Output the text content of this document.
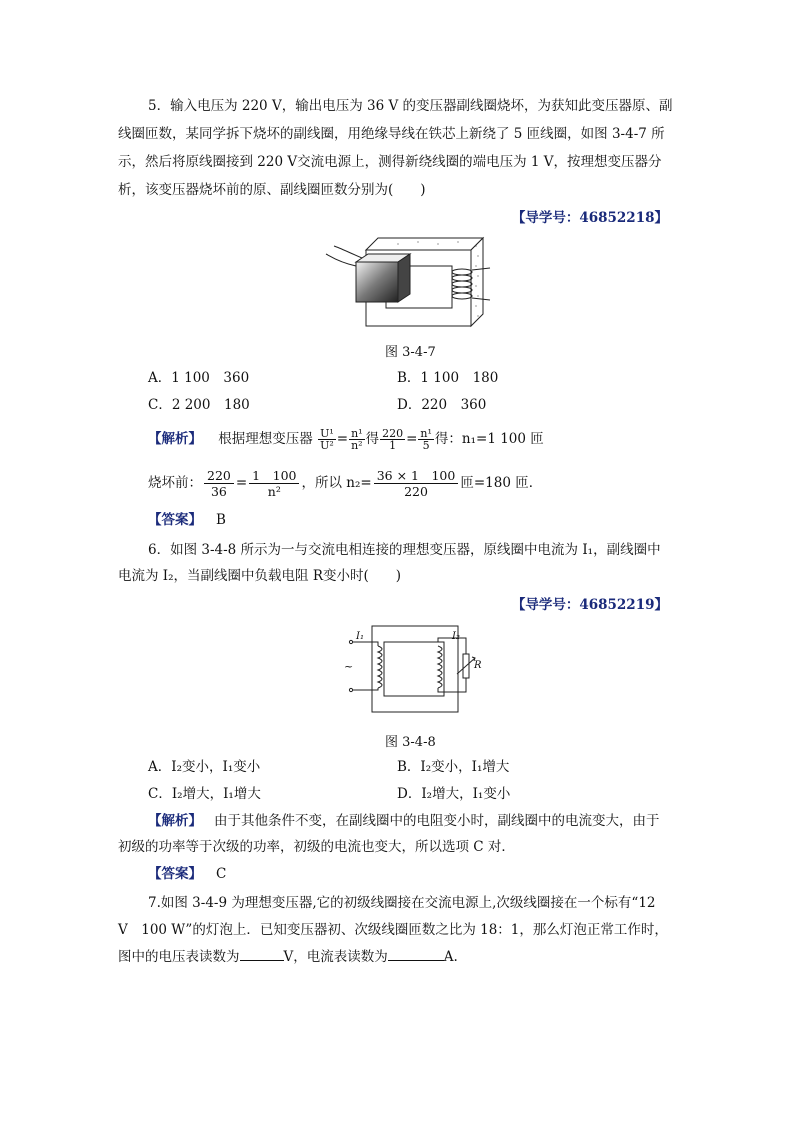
5．输入电压为 220 V，输出电压为 36 V 的变压器副线圈烧坏，为获知此变压器原、副
线圈匝数，某同学拆下烧坏的副线圈，用绝缘导线在铁芯上新绕了 5 匝线圈，如图 3-4-7 所
示，然后将原线圈接到 220 V交流电源上，测得新绕线圈的端电压为 1 V，按理想变压器分
析，该变压器烧坏前的原、副线圈匝数分别为(　　)
【导学号：46852218】
图 3-4-7
A．1 100　360	B．1 100　180
C．2 200　180	D．220　360
【解析】 根据理想变压器 $\frac{\text{U¹}}{\text{U²}} = \frac{\text{n¹}}{\text{n²}}$ 得 $\frac{220}{1} = \frac{\text{n¹}}{5}$ 得：n₁=1 100 匝
烧坏前： $\frac{220}{36} = \frac{1 100}{\text{n²}}$ ，所以 $n_2= \frac{36 \times 1 100}{220}$ 匝=180 匝．
【答案】 B
6．如图 3-4-8 所示为一与交流电相连接的理想变压器，原线圈中电流为 I₁，副线圈中
电流为 I₂，当副线圈中负载电阻 R变小时(　　)
【导学号：46852219】
I₁	I₂
R
~
图 3-4-8
A．I₂变小，I₁变小	B．I₂变小，I₁增大
C．I₂增大，I₁增大	D．I₂增大，I₁变小
【解析】 由于其他条件不变，在副线圈中的电阻变小时，副线圈中的电流变大，由于
初级的功率等于次级的功率，初级的电流也变大，所以选项 C 对．
【答案】 C
7.如图 3-4-9 为理想变压器,它的初级线圈接在交流电源上,次级线圈接在一个标有“12
V　100 W”的灯泡上．已知变压器初、次级线圈匝数之比为 18：1，那么灯泡正常工作时，
图中的电压表读数为	V，电流表读数为	A.
